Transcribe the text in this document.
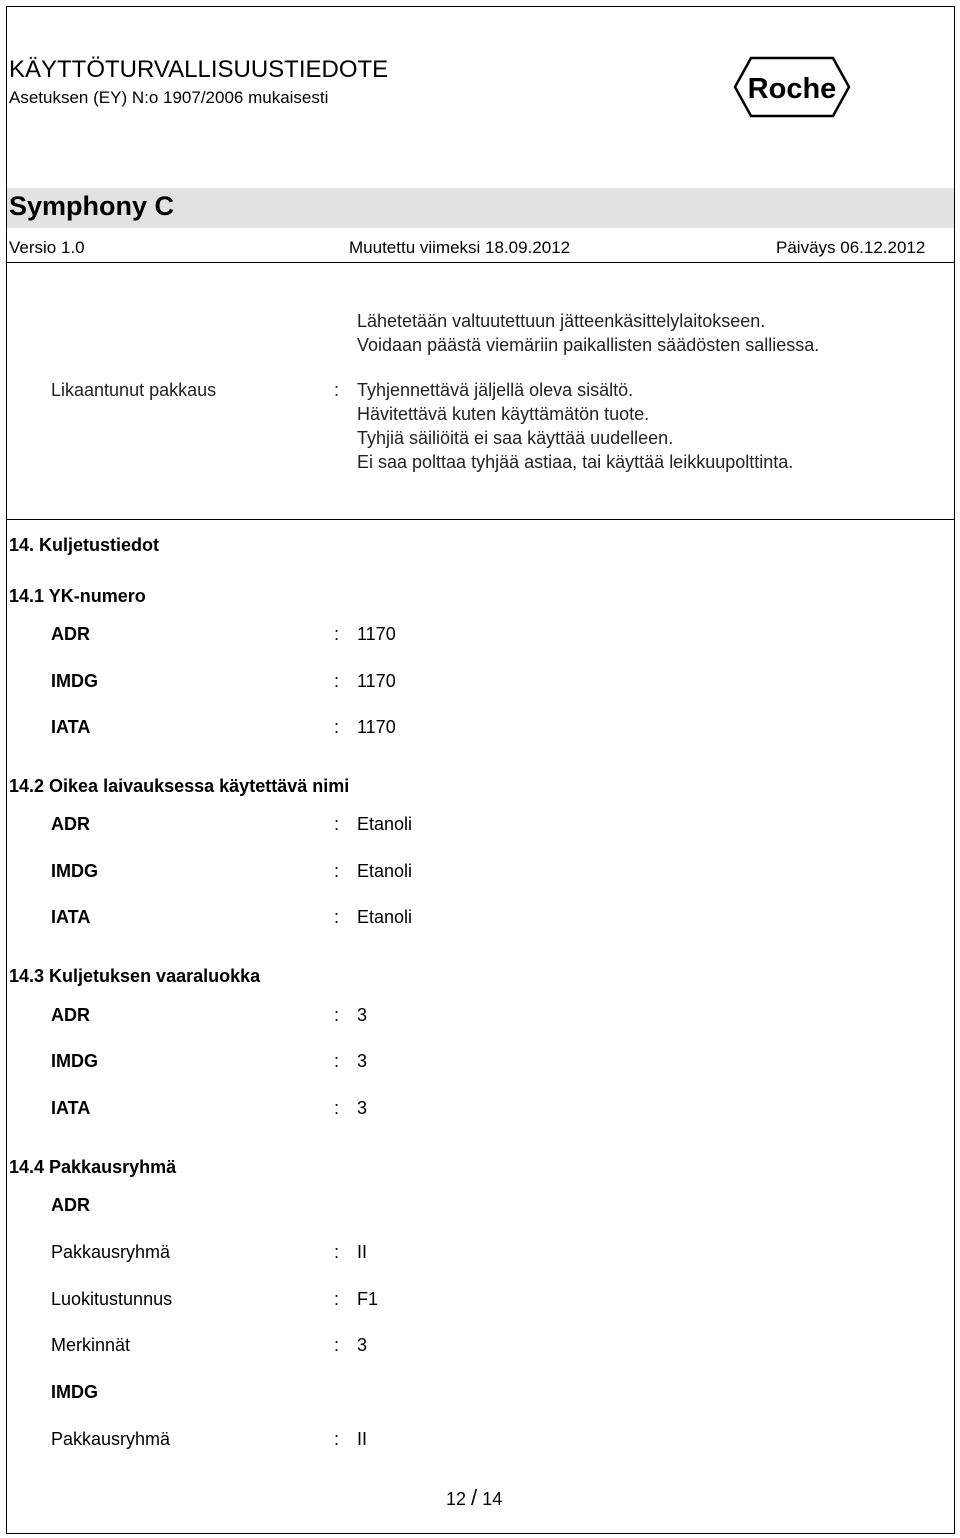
KÄYTTÖTURVALLISUUSTIEDOTE
Asetuksen (EY) N:o 1907/2006 mukaisesti	Roche
Symphony C
Versio 1.0	Muutettu viimeksi 18.09.2012	Päiväys 06.12.2012
Lähetetään valtuutettuun jätteenkäsittelylaitokseen.
Voidaan päästä viemäriin paikallisten säädösten salliessa.
Likaantunut pakkaus	: Tyhjennettävä jäljellä oleva sisältö.
Hävitettävä kuten käyttämätön tuote.
Tyhjiä säiliöitä ei saa käyttää uudelleen.
Ei saa polttaa tyhjää astiaa, tai käyttää leikkuupolttinta.
14. Kuljetustiedot
14.1 YK-numero
ADR	: 1170
IMDG	: 1170
IATA	: 1170
14.2 Oikea laivauksessa käytettävä nimi
ADR	: Etanoli
IMDG	: Etanoli
IATA	: Etanoli
14.3 Kuljetuksen vaaraluokka
ADR	: 3
IMDG	: 3
IATA	: 3
14.4 Pakkausryhmä
ADR
Pakkausryhmä	: II
Luokitustunnus	: F1
Merkinnät	: 3
IMDG
Pakkausryhmä	: II
12 / 14
